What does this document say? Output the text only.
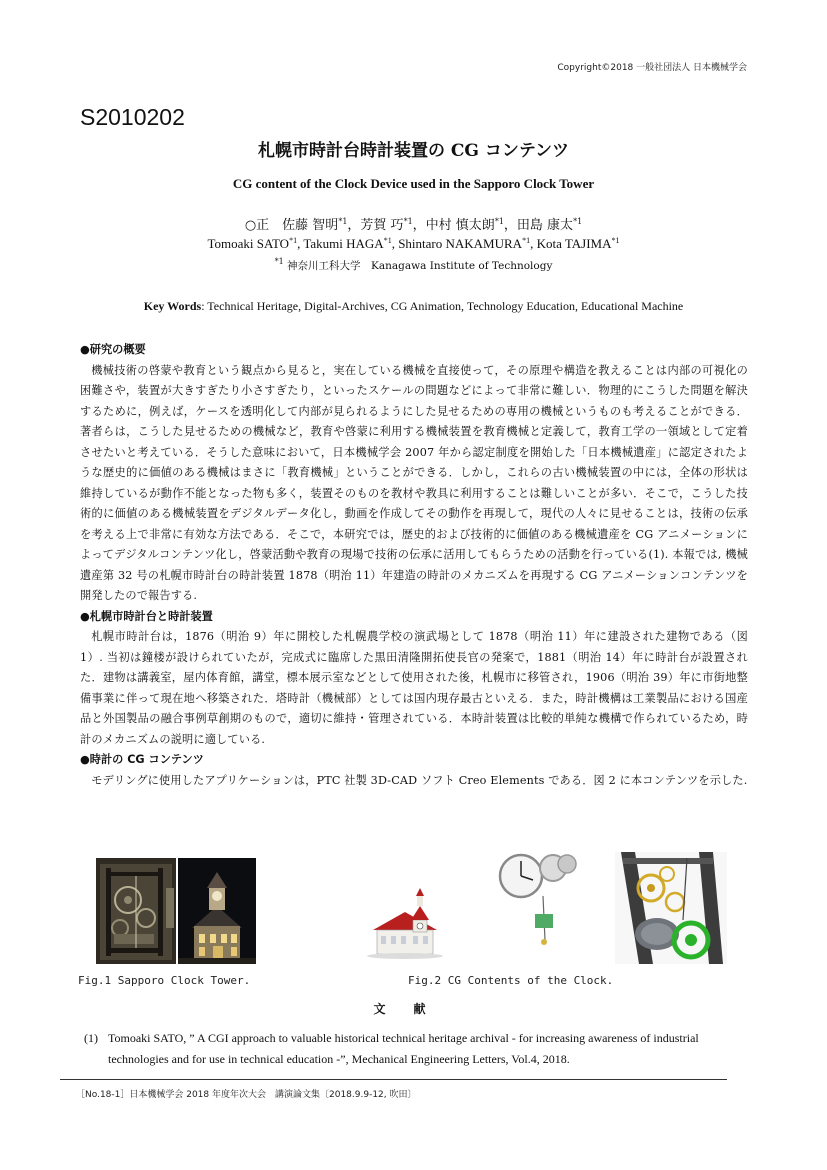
Copyright©2018 一般社団法人 日本機械学会
S2010202
札幌市時計台時計装置の CG コンテンツ
CG content of the Clock Device used in the Sapporo Clock Tower
○正　佐藤 智明$^{*1}$，芳賀 巧$^{*1}$，中村 慎太朗$^{*1}$，田島 康太$^{*1}$
Tomoaki SATO$^{*1}$, Takumi HAGA$^{*1}$, Shintaro NAKAMURA$^{*1}$, Kota TAJIMA$^{*1}$
$^{*1}$ 神奈川工科大学　Kanagawa Institute of Technology
Key Words: Technical Heritage, Digital-Archives, CG Animation, Technology Education, Educational Machine
●研究の概要
機械技術の啓蒙や教育という観点から見ると，実在している機械を直接使って，その原理や構造を教えることは内部の可視化の困難さや，装置が大きすぎたり小さすぎたり，といったスケールの問題などによって非常に難しい．物理的にこうした問題を解決するために，例えば，ケースを透明化して内部が見られるようにした見せるための専用の機械というものも考えることができる．著者らは，こうした見せるための機械など，教育や啓蒙に利用する機械装置を教育機械と定義して，教育工学の一領域として定着させたいと考えている．そうした意味において，日本機械学会 2007 年から認定制度を開始した「日本機械遺産」に認定されたような歴史的に価値のある機械はまさに「教育機械」ということができる．しかし，これらの古い機械装置の中には，全体の形状は維持しているが動作不能となった物も多く，装置そのものを教材や教具に利用することは難しいことが多い．そこで，こうした技術的に価値のある機械装置をデジタルデータ化し，動画を作成してその動作を再現して，現代の人々に見せることは，技術の伝承を考える上で非常に有効な方法である．そこで，本研究では，歴史的および技術的に価値のある機械遺産を CG アニメーションによってデジタルコンテンツ化し，啓蒙活動や教育の現場で技術の伝承に活用してもらうための活動を行っている(1). 本報では, 機械遺産第 32 号の札幌市時計台の時計装置 1878（明治 11）年建造の時計のメカニズムを再現する CG アニメーションコンテンツを開発したので報告する.
●札幌市時計台と時計装置
札幌市時計台は，1876（明治 9）年に開校した札幌農学校の演武場として 1878（明治 11）年に建設された建物である（図 1）. 当初は鐘楼が設けられていたが，完成式に臨席した黒田清隆開拓使長官の発案で，1881（明治 14）年に時計台が設置された．建物は講義室，屋内体育館，講堂，標本展示室などとして使用された後，札幌市に移管され，1906（明治 39）年に市街地整備事業に伴って現在地へ移築された．塔時計（機械部）としては国内現存最古といえる．また，時計機構は工業製品における国産品と外国製品の融合事例草創期のもので，適切に維持・管理されている．本時計装置は比較的単純な機構で作られているため，時計のメカニズムの説明に適している.
●時計の CG コンテンツ
モデリングに使用したアプリケーションは，PTC 社製 3D-CAD ソフト Creo Elements である．図 2 に本コンテンツを示した.
Fig.1 Sapporo Clock Tower.	Fig.2 CG Contents of the Clock.
文献
(1) Tomoaki SATO, ” A CGI approach to valuable historical technical heritage archival - for increasing awareness of industrial
technologies and for use in technical education -”, Mechanical Engineering Letters, Vol.4, 2018.
［No.18-1］日本機械学会 2018 年度年次大会　講演論文集〔2018.9.9-12, 吹田〕
